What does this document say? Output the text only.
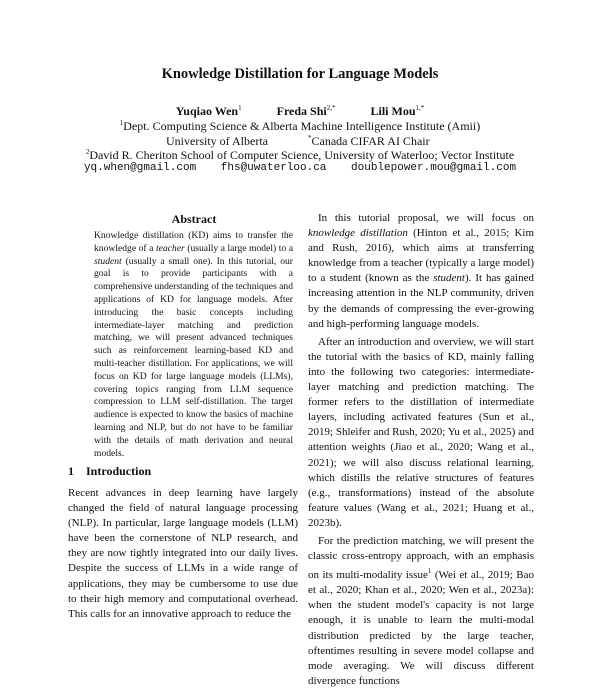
Knowledge Distillation for Language Models
Yuqiao Wen$^1$	Freda Shi$^{2,*}$	Lili Mou$^{1,*}$
$^1$Dept. Computing Science & Alberta Machine Intelligence Institute (Amii)
University of Alberta	*Canada CIFAR AI Chair
$^2$David R. Cheriton School of Computer Science, University of Waterloo; Vector Institute
yq.when@gmail.com fhs@uwaterloo.ca doublepower.mou@gmail.com
Abstract
Knowledge distillation (KD) aims to transfer the knowledge of a teacher (usually a large model) to a student (usually a small one). In this tutorial, our goal is to provide participants with a comprehensive understanding of the techniques and applications of KD for language models. After introducing the basic concepts including intermediate-layer matching and prediction matching, we will present advanced techniques such as reinforcement learning-based KD and multi-teacher distillation. For applications, we will focus on KD for large language models (LLMs), covering topics ranging from LLM sequence compression to LLM self-distillation. The target audience is expected to know the basics of machine learning and NLP, but do not have to be familiar with the details of math derivation and neural models.
1 Introduction

Recent advances in deep learning have largely changed the field of natural language processing (NLP). In particular, large language models (LLM) have been the cornerstone of NLP research, and they are now tightly integrated into our daily lives. Despite the success of LLMs in a wide range of applications, they may be cumbersome to use due to their high memory and computational overhead. This calls for an innovative approach to reduce the

In this tutorial proposal, we will focus on knowledge distillation (Hinton et al., 2015; Kim and Rush, 2016), which aims at transferring knowledge from a teacher (typically a large model) to a student (known as the student). It has gained increasing attention in the NLP community, driven by the demands of compressing the ever-growing and high-performing language models.

After an introduction and overview, we will start the tutorial with the basics of KD, mainly falling into the following two categories: intermediate-layer matching and prediction matching. The former refers to the distillation of intermediate layers, including activated features (Sun et al., 2019; Shleifer and Rush, 2020; Yu et al., 2025) and attention weights (Jiao et al., 2020; Wang et al., 2021); we will also discuss relational learning, which distills the relative structures of features (e.g., transformations) instead of the absolute feature values (Wang et al., 2021; Huang et al., 2023b).

For the prediction matching, we will present the classic cross-entropy approach, with an emphasis on its multi-modality issue$^1$ (Wei et al., 2019; Bao et al., 2020; Khan et al., 2020; Wen et al., 2023a): when the student model's capacity is not large enough, it is unable to learn the multi-modal distribution predicted by the large teacher, oftentimes resulting in severe model collapse and mode averaging. We will discuss different divergence functions
